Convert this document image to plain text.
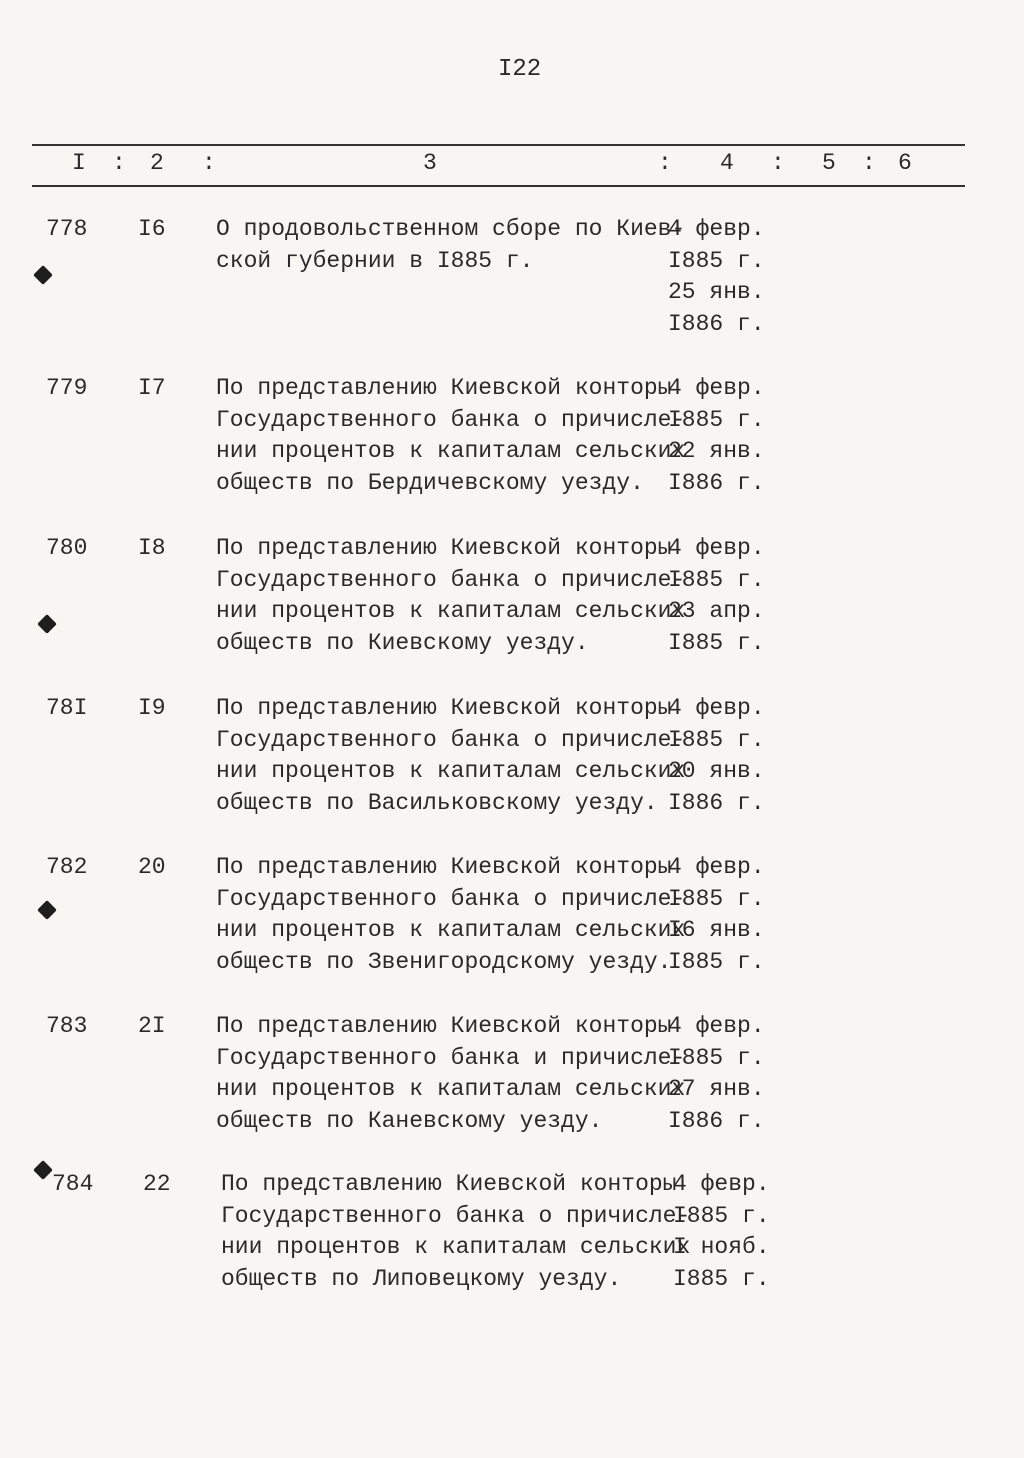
I22
I : 2 :	3	: 4 : 5 : 6
778 I6 О продовольственном сборе по Киев-
ской губернии в I885 г.
4 февр.
I885 г.
25 янв.
I886 г.
779 I7 По представлению Киевской конторы
Государственного банка о причисле-
нии процентов к капиталам сельских
обществ по Бердичевскому уезду.
4 февр.
I885 г.
22 янв.
I886 г.
780 I8 По представлению Киевской конторы
Государственного банка о причисле-
нии процентов к капиталам сельских
обществ по Киевскому уезду.
4 февр.
I885 г.
23 апр.
I885 г.
78I I9 По представлению Киевской конторы
Государственного банка о причисле-
нии процентов к капиталам сельских
обществ по Васильковскому уезду.
4 февр.
I885 г.
20 янв.
I886 г.
782 20 По представлению Киевской конторы
Государственного банка о причисле-
нии процентов к капиталам сельских
обществ по Звенигородскому уезду.
4 февр.
I885 г.
I6 янв.
I885 г.
783 2I По представлению Киевской конторы
Государственного банка и причисле-
нии процентов к капиталам сельских
обществ по Каневскому уезду.
4 февр.
I885 г.
27 янв.
I886 г.
784 22 По представлению Киевской конторы
Государственного банка о причисле-
нии процентов к капиталам сельских
обществ по Липовецкому уезду.
4 февр.
I885 г.
I нояб.
I885 г.
